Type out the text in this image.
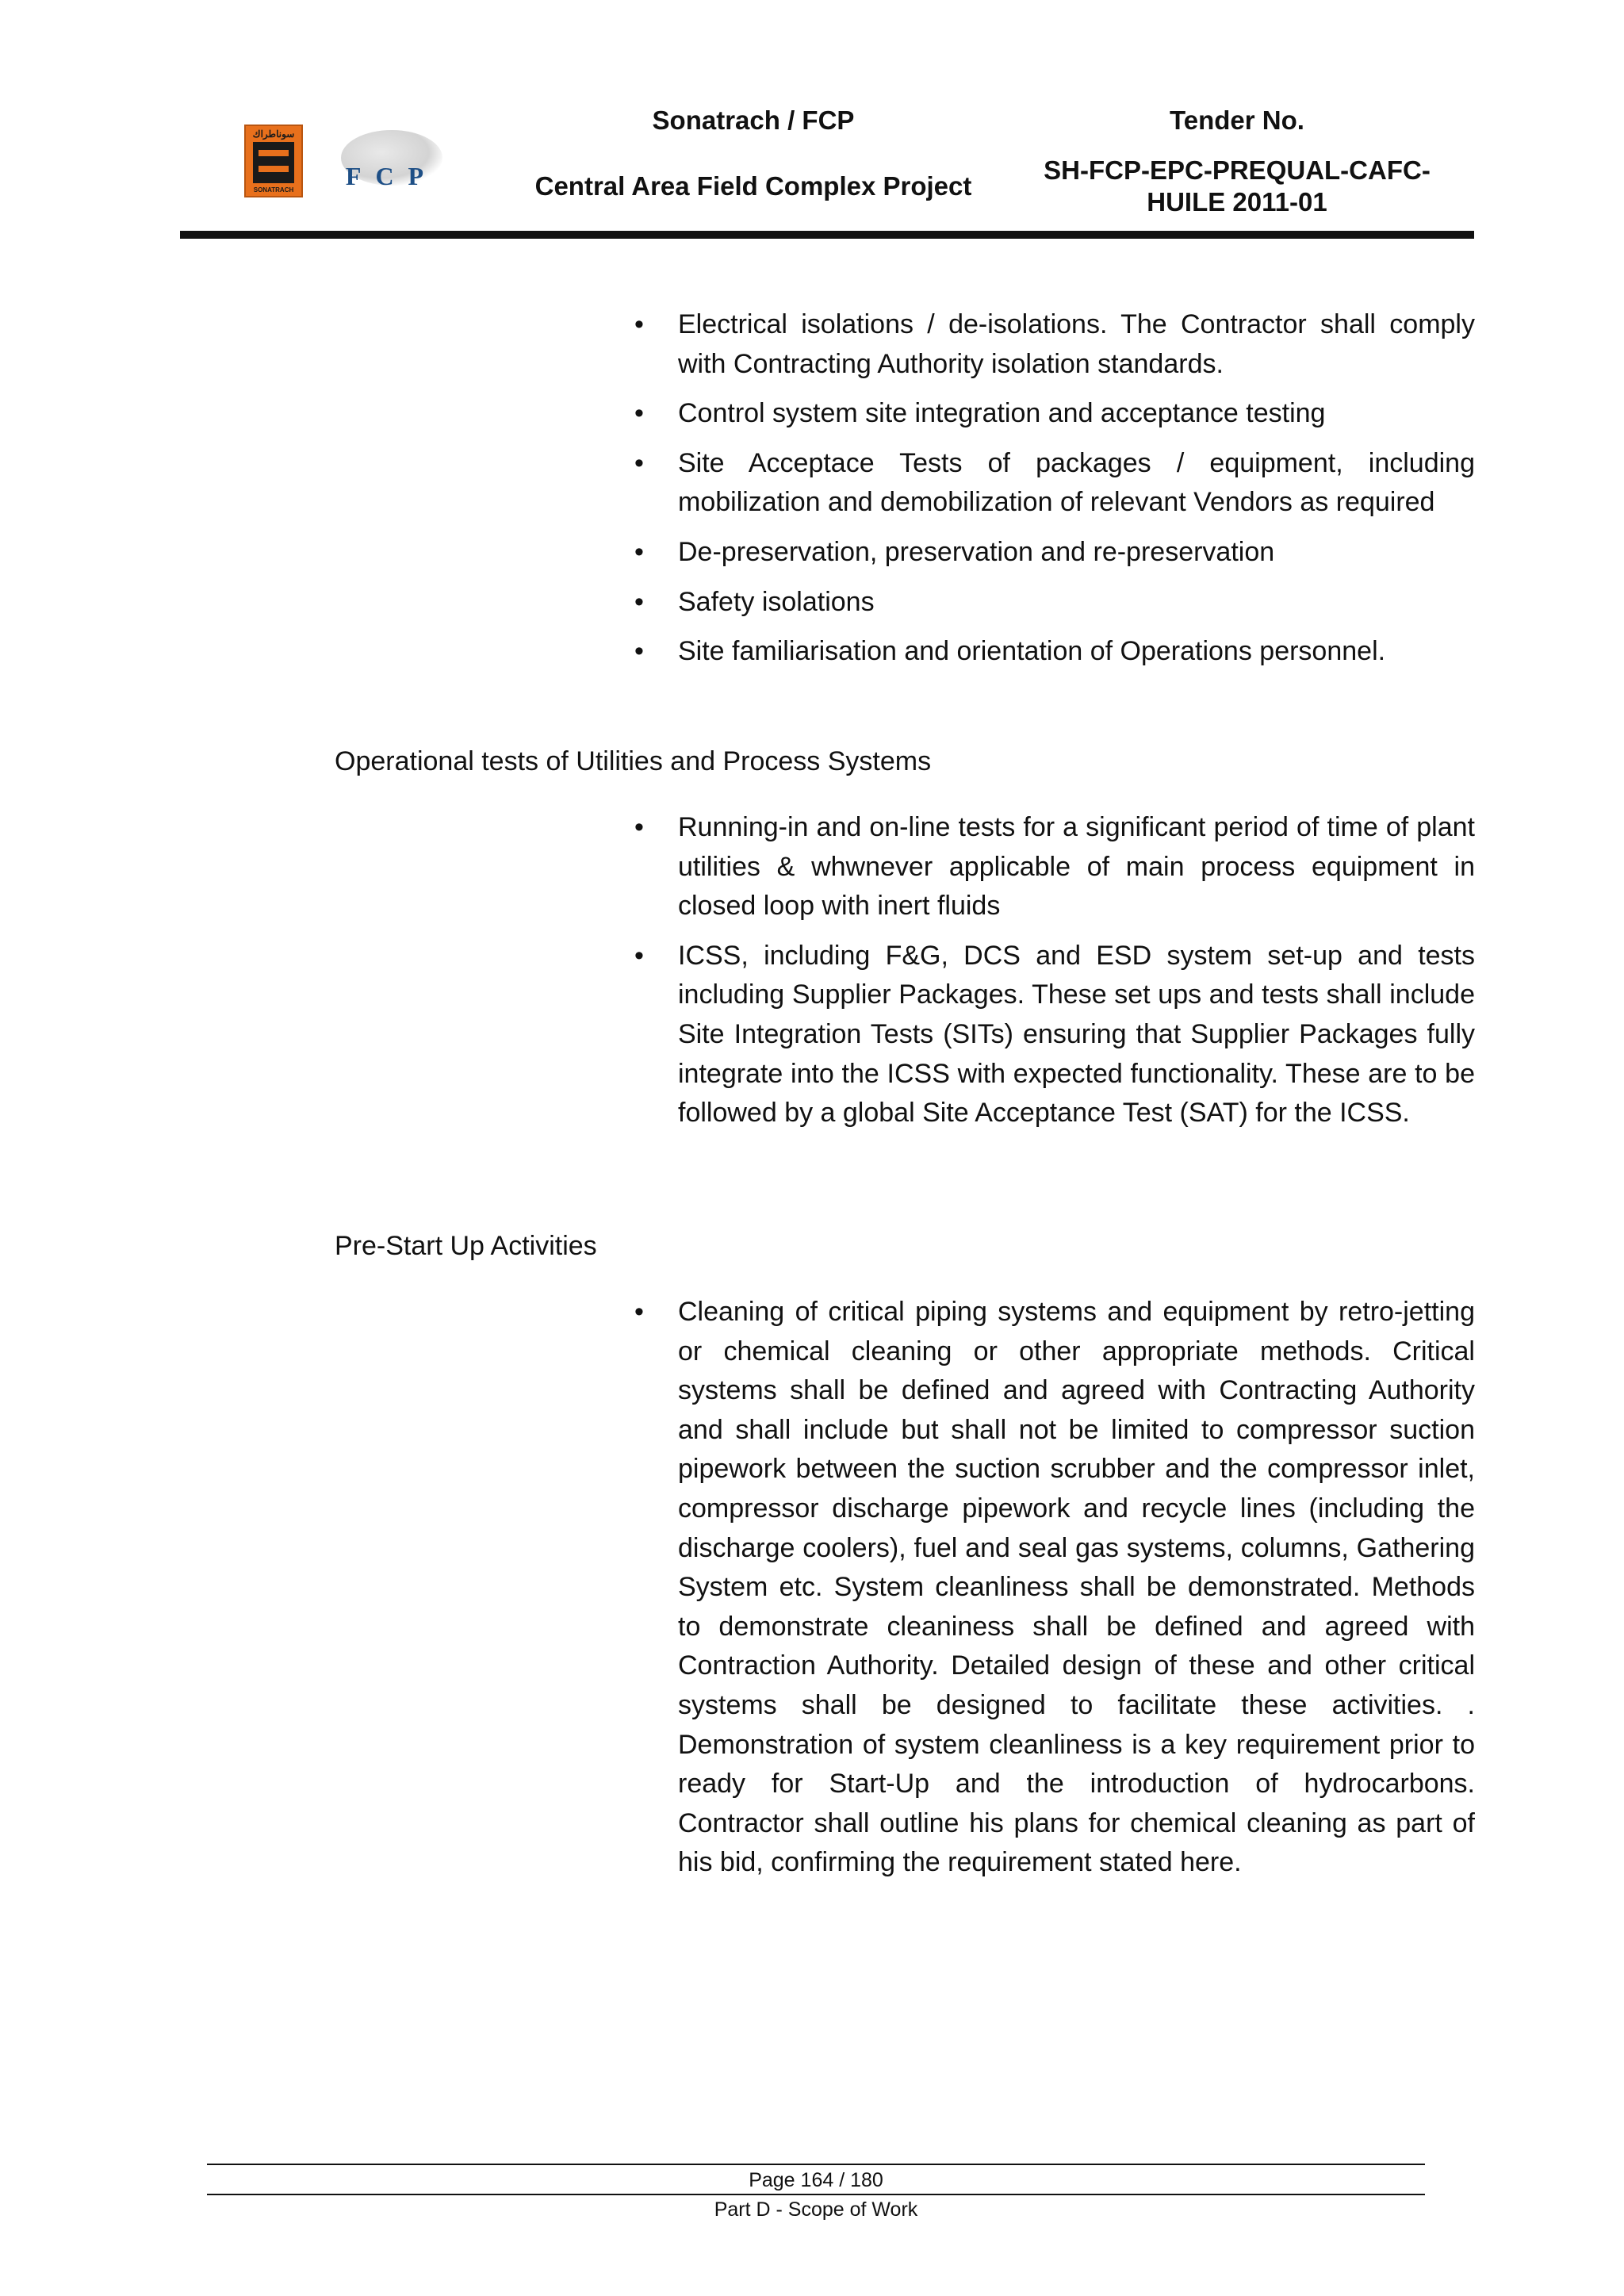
سوناطراك
SONATRACH	FCP
Sonatrach / FCP
Central Area Field Complex Project
Tender No.
SH-FCP-EPC-PREQUAL-CAFC-HUILE 2011-01
• Electrical isolations / de-isolations. The Contractor shall comply with Contracting Authority isolation standards.
• Control system site integration and acceptance testing
• Site Acceptace Tests of packages / equipment, including mobilization and demobilization of relevant Vendors as required
• De-preservation, preservation and re-preservation
• Safety isolations
• Site familiarisation and orientation of Operations personnel.
Operational tests of Utilities and Process Systems
• Running-in and on-line tests for a significant period of time of plant utilities & whwnever applicable of main process equipment in closed loop with inert fluids
• ICSS, including F&G, DCS and ESD system set-up and tests including Supplier Packages. These set ups and tests shall include Site Integration Tests (SITs) ensuring that Supplier Packages fully integrate into the ICSS with expected functionality. These are to be followed by a global Site Acceptance Test (SAT) for the ICSS.
Pre-Start Up Activities
• Cleaning of critical piping systems and equipment by retro-jetting or chemical cleaning or other appropriate methods. Critical systems shall be defined and agreed with Contracting Authority and shall include but shall not be limited to compressor suction pipework between the suction scrubber and the compressor inlet, compressor discharge pipework and recycle lines (including the discharge coolers), fuel and seal gas systems, columns, Gathering System etc. System cleanliness shall be demonstrated. Methods to demonstrate cleaniness shall be defined and agreed with Contraction Authority. Detailed design of these and other critical systems shall be designed to facilitate these activities. . Demonstration of system cleanliness is a key requirement prior to ready for Start-Up and the introduction of hydrocarbons. Contractor shall outline his plans for chemical cleaning as part of his bid, confirming the requirement stated here.
Page 164 / 180
Part D - Scope of Work
